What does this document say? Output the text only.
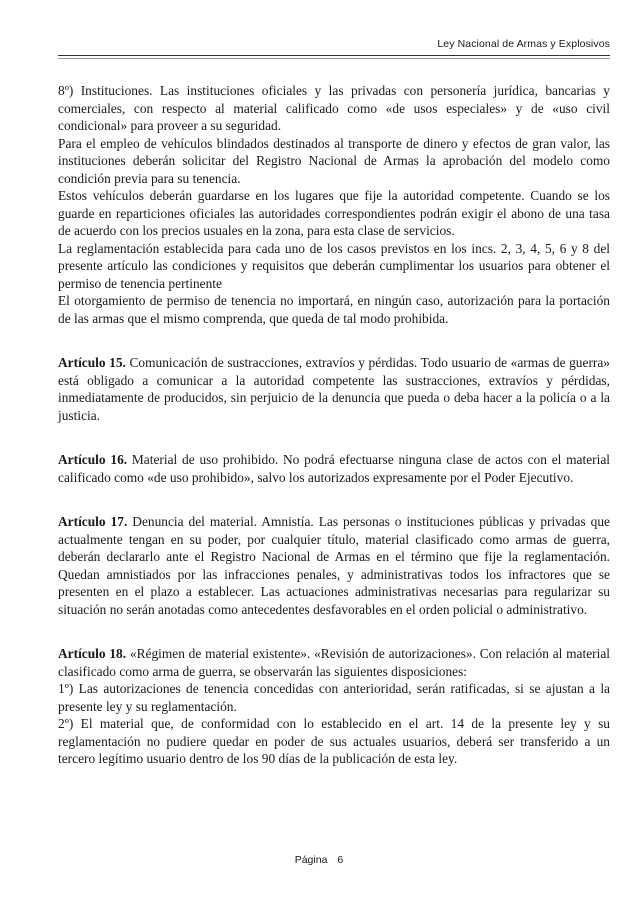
Ley Nacional de Armas y Explosivos

8º) Instituciones. Las instituciones oficiales y las privadas con personería jurídica, bancarias y comerciales, con respecto al material calificado como «de usos especiales» y de «uso civil condicional» para proveer a su seguridad.

Para el empleo de vehículos blindados destinados al transporte de dinero y efectos de gran valor, las instituciones deberán solicitar del Registro Nacional de Armas la aprobación del modelo como condición previa para su tenencia.

Estos vehículos deberán guardarse en los lugares que fije la autoridad competente. Cuando se los guarde en reparticiones oficiales las autoridades correspondientes podrán exigir el abono de una tasa de acuerdo con los precios usuales en la zona, para esta clase de servicios.

La reglamentación establecida para cada uno de los casos previstos en los incs. 2, 3, 4, 5, 6 y 8 del presente artículo las condiciones y requisitos que deberán cumplimentar los usuarios para obtener el permiso de tenencia pertinente

El otorgamiento de permiso de tenencia no importará, en ningún caso, autorización para la portación de las armas que el mismo comprenda, que queda de tal modo prohibida.

Artículo 15. Comunicación de sustracciones, extravíos y pérdidas. Todo usuario de «armas de guerra» está obligado a comunicar a la autoridad competente las sustracciones, extravíos y pérdidas, inmediatamente de producidos, sin perjuicio de la denuncia que pueda o deba hacer a la policía o a la justicia.

Artículo 16. Material de uso prohibido. No podrá efectuarse ninguna clase de actos con el material calificado como «de uso prohibido», salvo los autorizados expresamente por el Poder Ejecutivo.

Artículo 17. Denuncia del material. Amnistía. Las personas o instituciones públicas y privadas que actualmente tengan en su poder, por cualquier título, material clasificado como armas de guerra, deberán declararlo ante el Registro Nacional de Armas en el término que fije la reglamentación. Quedan amnistiados por las infracciones penales, y administrativas todos los infractores que se presenten en el plazo a establecer. Las actuaciones administrativas necesarias para regularizar su situación no serán anotadas como antecedentes desfavorables en el orden policial o administrativo.

Artículo 18. «Régimen de material existente». «Revisión de autorizaciones». Con relación al material clasificado como arma de guerra, se observarán las siguientes disposiciones:

1º) Las autorizaciones de tenencia concedidas con anterioridad, serán ratificadas, si se ajustan a la presente ley y su reglamentación.

2º) El material que, de conformidad con lo establecido en el art. 14 de la presente ley y su reglamentación no pudiere quedar en poder de sus actuales usuarios, deberá ser transferido a un tercero legítimo usuario dentro de los 90 días de la publicación de esta ley.

Página 6
